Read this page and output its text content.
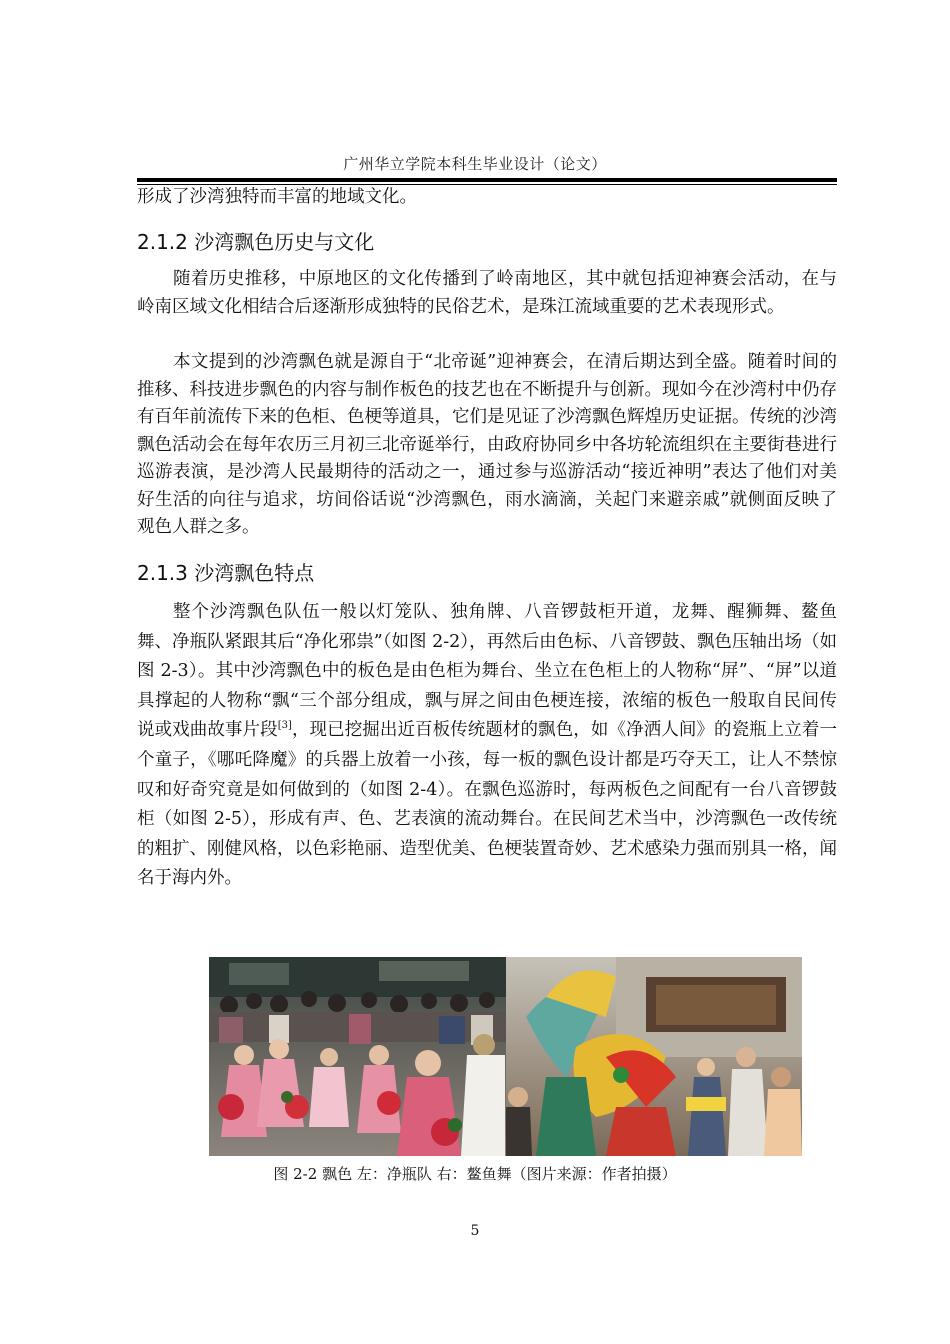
广州华立学院本科生毕业设计（论文）
形成了沙湾独特而丰富的地域文化。
2.1.2 沙湾飘色历史与文化
随着历史推移，中原地区的文化传播到了岭南地区，其中就包括迎神赛会活动，在与岭南区域文化相结合后逐渐形成独特的民俗艺术，是珠江流域重要的艺术表现形式。
本文提到的沙湾飘色就是源自于“北帝诞”迎神赛会，在清后期达到全盛。随着时间的推移、科技进步飘色的内容与制作板色的技艺也在不断提升与创新。现如今在沙湾村中仍存有百年前流传下来的色柜、色梗等道具，它们是见证了沙湾飘色辉煌历史证据。传统的沙湾飘色活动会在每年农历三月初三北帝诞举行，由政府协同乡中各坊轮流组织在主要街巷进行巡游表演，是沙湾人民最期待的活动之一，通过参与巡游活动“接近神明”表达了他们对美好生活的向往与追求，坊间俗话说“沙湾飘色，雨水滴滴，关起门来避亲戚”就侧面反映了观色人群之多。
2.1.3 沙湾飘色特点
整个沙湾飘色队伍一般以灯笼队、独角牌、八音锣鼓柜开道，龙舞、醒狮舞、鳌鱼舞、净瓶队紧跟其后“净化邪祟”（如图 2-2），再然后由色标、八音锣鼓、飘色压轴出场（如图 2-3）。其中沙湾飘色中的板色是由色柜为舞台、坐立在色柜上的人物称“屏”、“屏”以道具撑起的人物称“飘“三个部分组成，飘与屏之间由色梗连接，浓缩的板色一般取自民间传说或戏曲故事片段[3]，现已挖掘出近百板传统题材的飘色，如《净洒人间》的瓷瓶上立着一个童子，《哪吒降魔》的兵器上放着一小孩，每一板的飘色设计都是巧夺天工，让人不禁惊叹和好奇究竟是如何做到的（如图 2-4）。在飘色巡游时，每两板色之间配有一台八音锣鼓柜（如图 2-5），形成有声、色、艺表演的流动舞台。在民间艺术当中，沙湾飘色一改传统的粗扩、刚健风格，以色彩艳丽、造型优美、色梗装置奇妙、艺术感染力强而别具一格，闻名于海内外。
图 2-2 飘色 左：净瓶队 右：鳌鱼舞（图片来源：作者拍摄）
5
